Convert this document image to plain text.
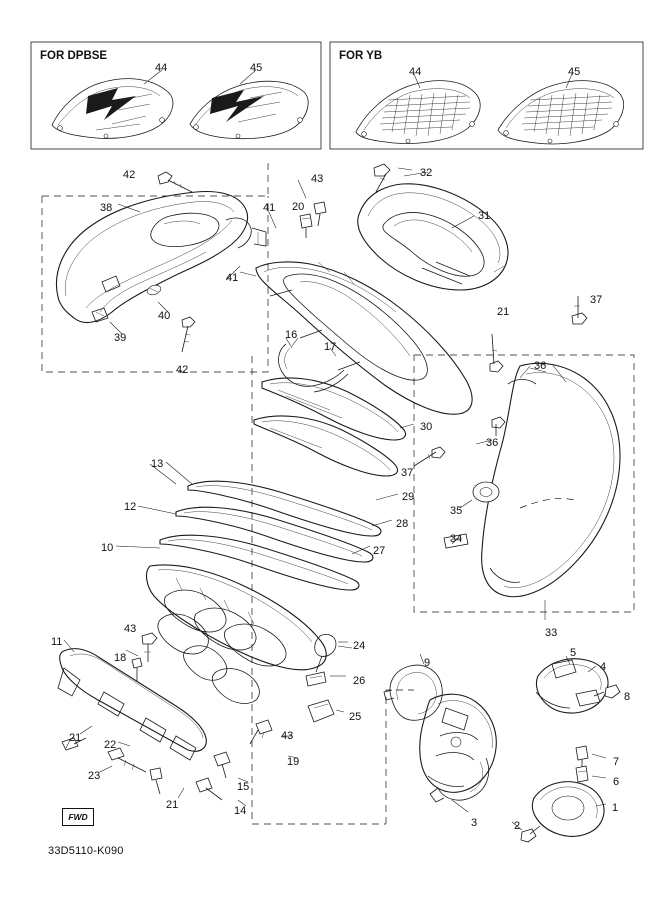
FOR DPBSE	FOR YB
33D5110-K090
FWD
44	45	44	45
42	43	32
38	20
41
31
41
40
39
37
16
17
21
42	36
30
36
37
13
29
12
28
27
10
35
34
33
24
11
43
18
26
9
5
4
8
25
21
22
43
7
19
6
23
15
21	14	1
3	2
